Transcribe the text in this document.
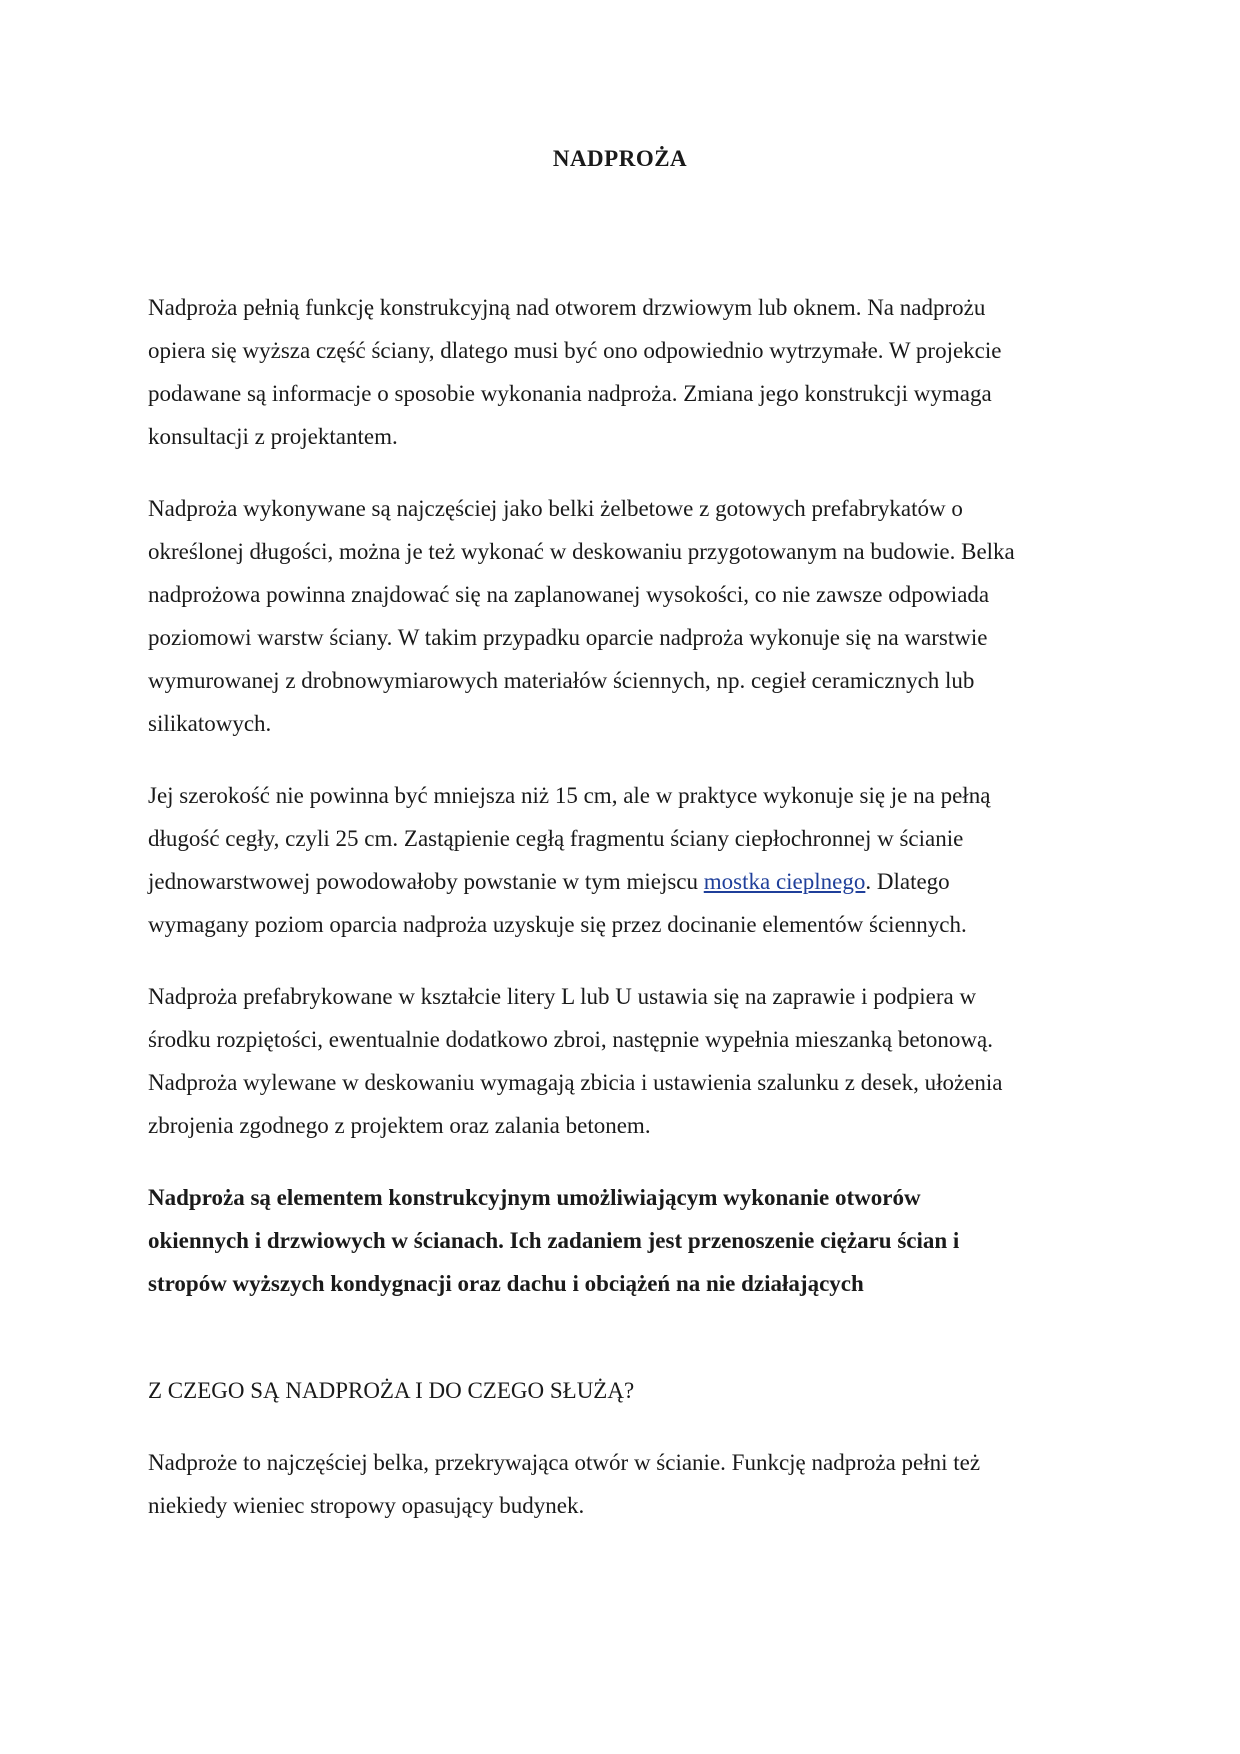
NADPROŻA

Nadproża pełnią funkcję konstrukcyjną nad otworem drzwiowym lub oknem. Na nadprożu
opiera się wyższa część ściany, dlatego musi być ono odpowiednio wytrzymałe. W projekcie
podawane są informacje o sposobie wykonania nadproża. Zmiana jego konstrukcji wymaga
konsultacji z projektantem.

Nadproża wykonywane są najczęściej jako belki żelbetowe z gotowych prefabrykatów o
określonej długości, można je też wykonać w deskowaniu przygotowanym na budowie. Belka
nadprożowa powinna znajdować się na zaplanowanej wysokości, co nie zawsze odpowiada
poziomowi warstw ściany. W takim przypadku oparcie nadproża wykonuje się na warstwie
wymurowanej z drobnowymiarowych materiałów ściennych, np. cegieł ceramicznych lub
silikatowych.

Jej szerokość nie powinna być mniejsza niż 15 cm, ale w praktyce wykonuje się je na pełną
długość cegły, czyli 25 cm. Zastąpienie cegłą fragmentu ściany ciepłochronnej w ścianie
jednowarstwowej powodowałoby powstanie w tym miejscu mostka cieplnego. Dlatego
wymagany poziom oparcia nadproża uzyskuje się przez docinanie elementów ściennych.

Nadproża prefabrykowane w kształcie litery L lub U ustawia się na zaprawie i podpiera w
środku rozpiętości, ewentualnie dodatkowo zbroi, następnie wypełnia mieszanką betonową.
Nadproża wylewane w deskowaniu wymagają zbicia i ustawienia szalunku z desek, ułożenia
zbrojenia zgodnego z projektem oraz zalania betonem.

Nadproża są elementem konstrukcyjnym umożliwiającym wykonanie otworów
okiennych i drzwiowych w ścianach. Ich zadaniem jest przenoszenie ciężaru ścian i
stropów wyższych kondygnacji oraz dachu i obciążeń na nie działających

Z CZEGO SĄ NADPROŻA I DO CZEGO SŁUŻĄ?

Nadproże to najczęściej belka, przekrywająca otwór w ścianie. Funkcję nadproża pełni też
niekiedy wieniec stropowy opasujący budynek.
